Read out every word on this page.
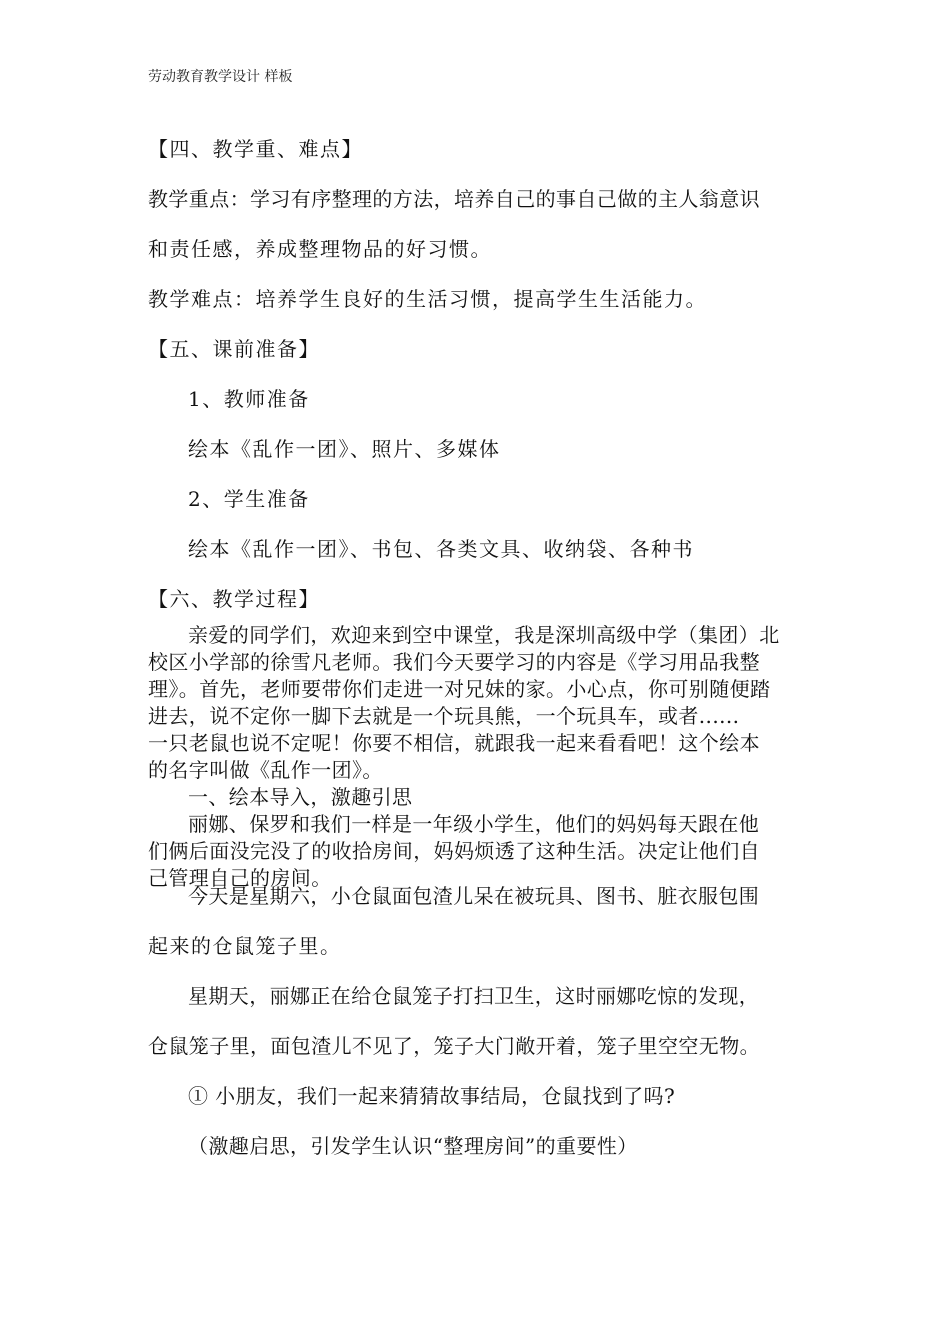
劳动教育教学设计 样板
【四、教学重、难点】
教学重点：学习有序整理的方法，培养自己的事自己做的主人翁意识
和责任感，养成整理物品的好习惯。
教学难点：培养学生良好的生活习惯，提高学生生活能力。
【五、课前准备】
1、教师准备
绘本《乱作一团》、照片、多媒体
2、学生准备
绘本《乱作一团》、书包、各类文具、收纳袋、各种书
【六、教学过程】
亲爱的同学们，欢迎来到空中课堂，我是深圳高级中学（集团）北
校区小学部的徐雪凡老师。我们今天要学习的内容是《学习用品我整
理》。首先，老师要带你们走进一对兄妹的家。小心点，你可别随便踏
进去，说不定你一脚下去就是一个玩具熊，一个玩具车，或者......
一只老鼠也说不定呢！你要不相信，就跟我一起来看看吧！这个绘本
的名字叫做《乱作一团》。
一、绘本导入，激趣引思
丽娜、保罗和我们一样是一年级小学生，他们的妈妈每天跟在他
们俩后面没完没了的收拾房间，妈妈烦透了这种生活。决定让他们自
己管理自己的房间。
今天是星期六，小仓鼠面包渣儿呆在被玩具、图书、脏衣服包围
起来的仓鼠笼子里。
星期天，丽娜正在给仓鼠笼子打扫卫生，这时丽娜吃惊的发现，
仓鼠笼子里，面包渣儿不见了，笼子大门敞开着，笼子里空空无物。
① 小朋友，我们一起来猜猜故事结局，仓鼠找到了吗?
（激趣启思，引发学生认识“整理房间”的重要性）
